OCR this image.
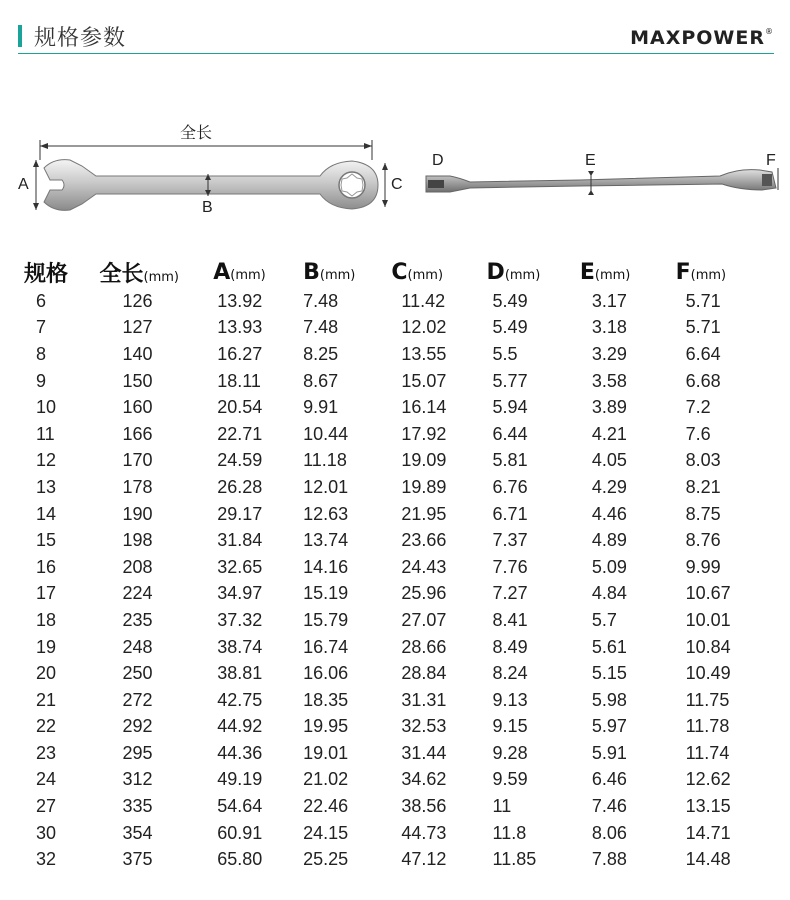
规格参数	MAXPOWER®
全长
A
B
C
D	E	F
规格	全长(mm)	A(mm)	B(mm)	C(mm)	D(mm)	E(mm)	F(mm)
6	126	13.92	7.48	11.42	5.49	3.17	5.71
7	127	13.93	7.48	12.02	5.49	3.18	5.71
8	140	16.27	8.25	13.55	5.5	3.29	6.64
9	150	18.11	8.67	15.07	5.77	3.58	6.68
10	160	20.54	9.91	16.14	5.94	3.89	7.2
11	166	22.71	10.44	17.92	6.44	4.21	7.6
12	170	24.59	11.18	19.09	5.81	4.05	8.03
13	178	26.28	12.01	19.89	6.76	4.29	8.21
14	190	29.17	12.63	21.95	6.71	4.46	8.75
15	198	31.84	13.74	23.66	7.37	4.89	8.76
16	208	32.65	14.16	24.43	7.76	5.09	9.99
17	224	34.97	15.19	25.96	7.27	4.84	10.67
18	235	37.32	15.79	27.07	8.41	5.7	10.01
19	248	38.74	16.74	28.66	8.49	5.61	10.84
20	250	38.81	16.06	28.84	8.24	5.15	10.49
21	272	42.75	18.35	31.31	9.13	5.98	11.75
22	292	44.92	19.95	32.53	9.15	5.97	11.78
23	295	44.36	19.01	31.44	9.28	5.91	11.74
24	312	49.19	21.02	34.62	9.59	6.46	12.62
27	335	54.64	22.46	38.56	11	7.46	13.15
30	354	60.91	24.15	44.73	11.8	8.06	14.71
32	375	65.80	25.25	47.12	11.85	7.88	14.48
